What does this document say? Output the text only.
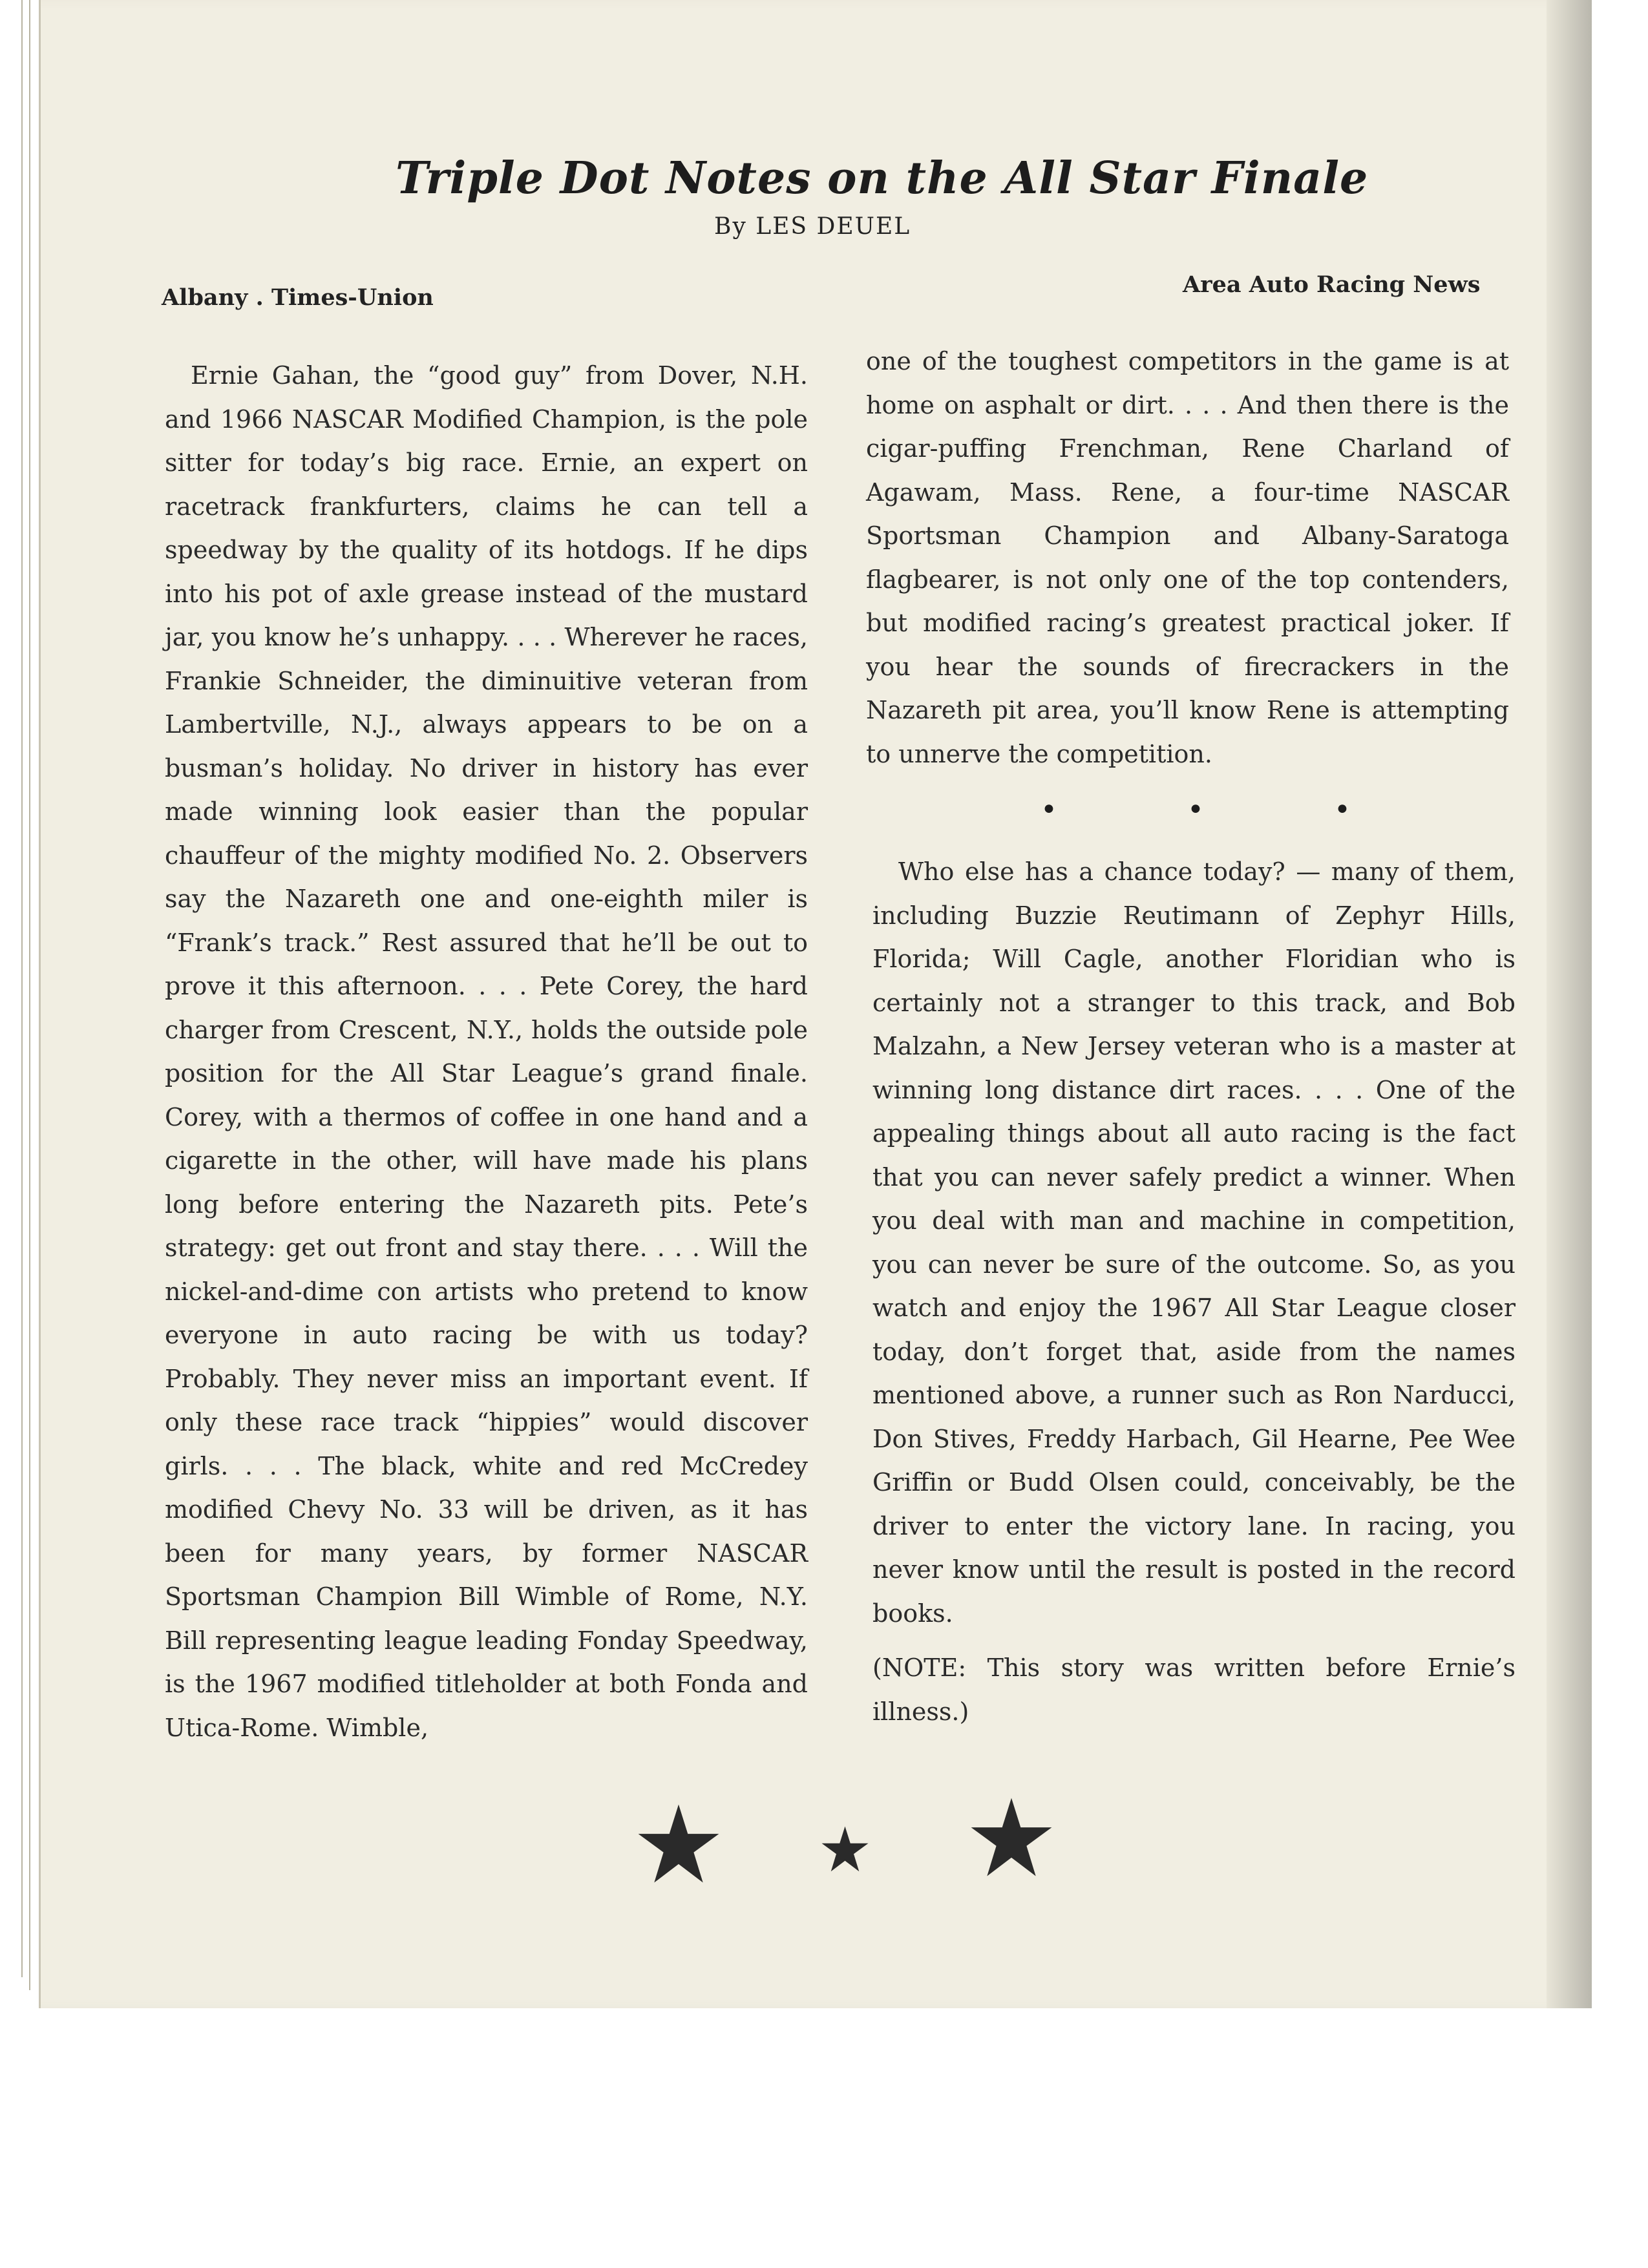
Triple Dot Notes on the All Star Finale
By LES DEUEL
Albany . Times-Union	Area Auto Racing News
Ernie Gahan, the “good guy” from Dover, N.H. and 1966 NASCAR Modified Champion, is the pole sitter for today’s big race. Ernie, an expert on racetrack frankfurters, claims he can tell a speedway by the quality of its hotdogs. If he dips into his pot of axle grease instead of the mustard jar, you know he’s unhappy. . . . Wherever he races, Frankie Schneider, the diminuitive veteran from Lambertville, N.J., always appears to be on a busman’s holiday. No driver in history has ever made winning look easier than the popular chauffeur of the mighty modified No. 2. Observers say the Nazareth one and one-eighth miler is “Frank’s track.” Rest assured that he’ll be out to prove it this afternoon. . . . Pete Corey, the hard charger from Crescent, N.Y., holds the outside pole position for the All Star League’s grand finale. Corey, with a thermos of coffee in one hand and a cigarette in the other, will have made his plans long before entering the Nazareth pits. Pete’s strategy: get out front and stay there. . . . Will the nickel-and-dime con artists who pretend to know everyone in auto racing be with us today? Probably. They never miss an important event. If only these race track “hippies” would discover girls. . . . The black, white and red McCredey modified Chevy No. 33 will be driven, as it has been for many years, by former NASCAR Sportsman Champion Bill Wimble of Rome, N.Y. Bill representing league leading Fonday Speedway, is the 1967 modified titleholder at both Fonda and Utica-Rome. Wimble,
one of the toughest competitors in the game is at home on asphalt or dirt. . . . And then there is the cigar-puffing Frenchman, Rene Charland of Agawam, Mass. Rene, a four-time NASCAR Sportsman Champion and Albany-Saratoga flagbearer, is not only one of the top contenders, but modified racing’s greatest practical joker. If you hear the sounds of firecrackers in the Nazareth pit area, you’ll know Rene is attempting to unnerve the competition.
•	•	•
Who else has a chance today? — many of them, including Buzzie Reutimann of Zephyr Hills, Florida; Will Cagle, another Floridian who is certainly not a stranger to this track, and Bob Malzahn, a New Jersey veteran who is a master at winning long distance dirt races. . . . One of the appealing things about all auto racing is the fact that you can never safely predict a winner. When you deal with man and machine in competition, you can never be sure of the outcome. So, as you watch and enjoy the 1967 All Star League closer today, don’t forget that, aside from the names mentioned above, a runner such as Ron Narducci, Don Stives, Freddy Harbach, Gil Hearne, Pee Wee Griffin or Budd Olsen could, conceivably, be the driver to enter the victory lane. In racing, you never know until the result is posted in the record books.
(NOTE: This story was written before Ernie’s illness.)
